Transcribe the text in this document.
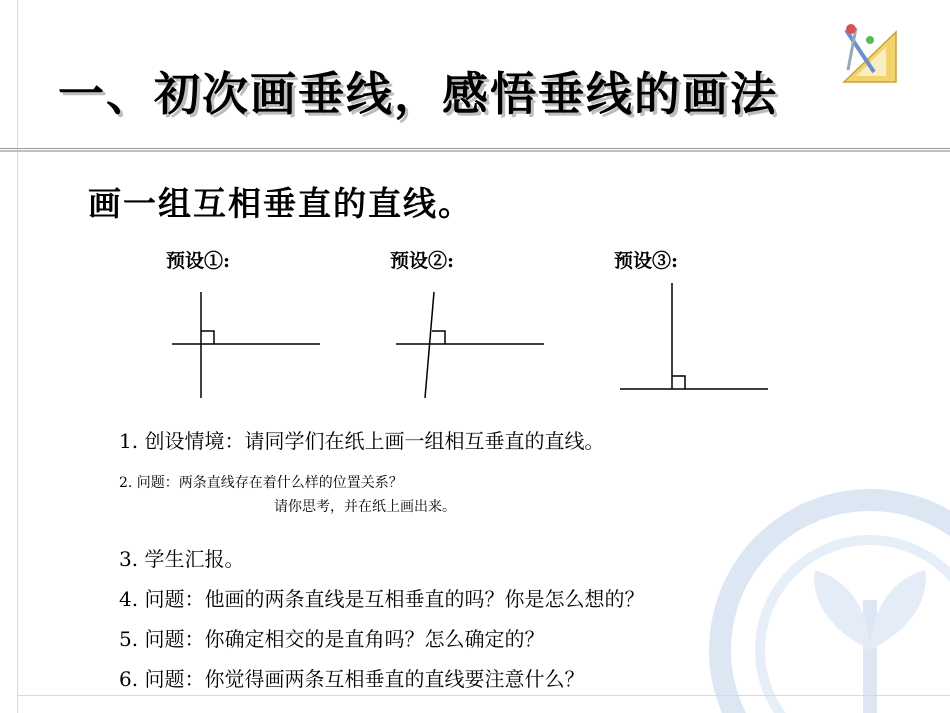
一、初次画垂线，感悟垂线的画法
画一组互相垂直的直线。
预设①:	预设②:	预设③:
1. 创设情境：请同学们在纸上画一组相互垂直的直线。
2. 问题：两条直线存在着什么样的位置关系？
请你思考，并在纸上画出来。
3. 学生汇报。
4. 问题：他画的两条直线是互相垂直的吗？你是怎么想的？
5. 问题：你确定相交的是直角吗？怎么确定的？
6. 问题：你觉得画两条互相垂直的直线要注意什么？
